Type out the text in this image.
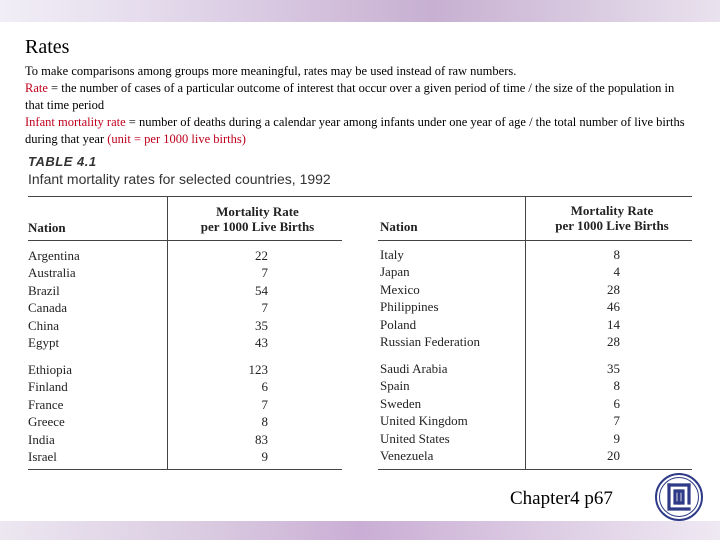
Rates
To make comparisons among groups more meaningful, rates may be used instead of raw numbers.
Rate = the number of cases of a particular outcome of interest that occur over a given period of time / the size of the population in that time period
Infant mortality rate = number of deaths during a calendar year among infants under one year of age / the total number of live births during that year (unit = per 1000 live births)
TABLE 4.1
Infant mortality rates for selected countries, 1992
Nation
Mortality Rate
per 1000 Live Births	Nation
Mortality Rate
per 1000 Live Births
Argentina
Australia
Brazil
Canada
China
Egypt
22
7
54
7
35
43
Ethiopia
Finland
France
Greece
India
Israel
123
6
7
8
83
9
Italy
Japan
Mexico
Philippines
Poland
Russian Federation
8
4
28
46
14
28
Saudi Arabia
Spain
Sweden
United Kingdom
United States
Venezuela
35
8
6
7
9
20
Chapter4 p67
